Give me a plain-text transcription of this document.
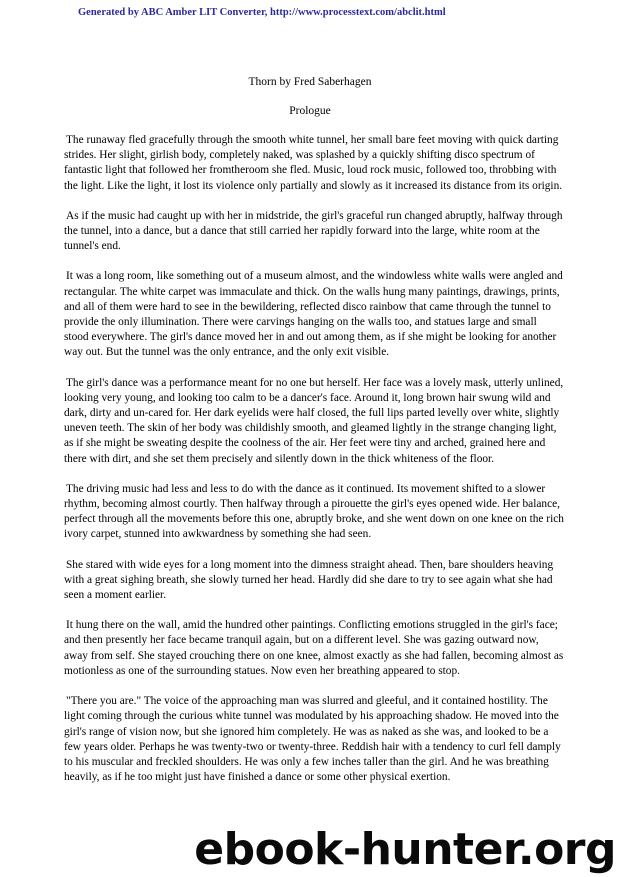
Generated by ABC Amber LIT Converter, http://www.processtext.com/abclit.html
Thorn by Fred Saberhagen
Prologue

The runaway fled gracefully through the smooth white tunnel, her small bare feet moving with quick darting strides. Her slight, girlish body, completely naked, was splashed by a quickly shifting disco spectrum of fantastic light that followed her fromtheroom she fled. Music, loud rock music, followed too, throbbing with the light. Like the light, it lost its violence only partially and slowly as it increased its distance from its origin.

As if the music had caught up with her in midstride, the girl's graceful run changed abruptly, halfway through the tunnel, into a dance, but a dance that still carried her rapidly forward into the large, white room at the tunnel's end.

It was a long room, like something out of a museum almost, and the windowless white walls were angled and rectangular. The white carpet was immaculate and thick. On the walls hung many paintings, drawings, prints, and all of them were hard to see in the bewildering, reflected disco rainbow that came through the tunnel to provide the only illumination. There were carvings hanging on the walls too, and statues large and small stood everywhere. The girl's dance moved her in and out among them, as if she might be looking for another way out. But the tunnel was the only entrance, and the only exit visible.

The girl's dance was a performance meant for no one but herself. Her face was a lovely mask, utterly unlined, looking very young, and looking too calm to be a dancer's face. Around it, long brown hair swung wild and dark, dirty and un-cared for. Her dark eyelids were half closed, the full lips parted levelly over white, slightly uneven teeth. The skin of her body was childishly smooth, and gleamed lightly in the strange changing light, as if she might be sweating despite the coolness of the air. Her feet were tiny and arched, grained here and there with dirt, and she set them precisely and silently down in the thick whiteness of the floor.

The driving music had less and less to do with the dance as it continued. Its movement shifted to a slower rhythm, becoming almost courtly. Then halfway through a pirouette the girl's eyes opened wide. Her balance, perfect through all the movements before this one, abruptly broke, and she went down on one knee on the rich ivory carpet, stunned into awkwardness by something she had seen.

She stared with wide eyes for a long moment into the dimness straight ahead. Then, bare shoulders heaving with a great sighing breath, she slowly turned her head. Hardly did she dare to try to see again what she had seen a moment earlier.

It hung there on the wall, amid the hundred other paintings. Conflicting emotions struggled in the girl's face; and then presently her face became tranquil again, but on a different level. She was gazing outward now, away from self. She stayed crouching there on one knee, almost exactly as she had fallen, becoming almost as motionless as one of the surrounding statues. Now even her breathing appeared to stop.

"There you are." The voice of the approaching man was slurred and gleeful, and it contained hostility. The light coming through the curious white tunnel was modulated by his approaching shadow. He moved into the girl's range of vision now, but she ignored him completely. He was as naked as she was, and looked to be a few years older. Perhaps he was twenty-two or twenty-three. Reddish hair with a tendency to curl fell damply to his muscular and freckled shoulders. He was only a few inches taller than the girl. And he was breathing heavily, as if he too might just have finished a dance or some other physical exertion.

ebook-hunter.org
